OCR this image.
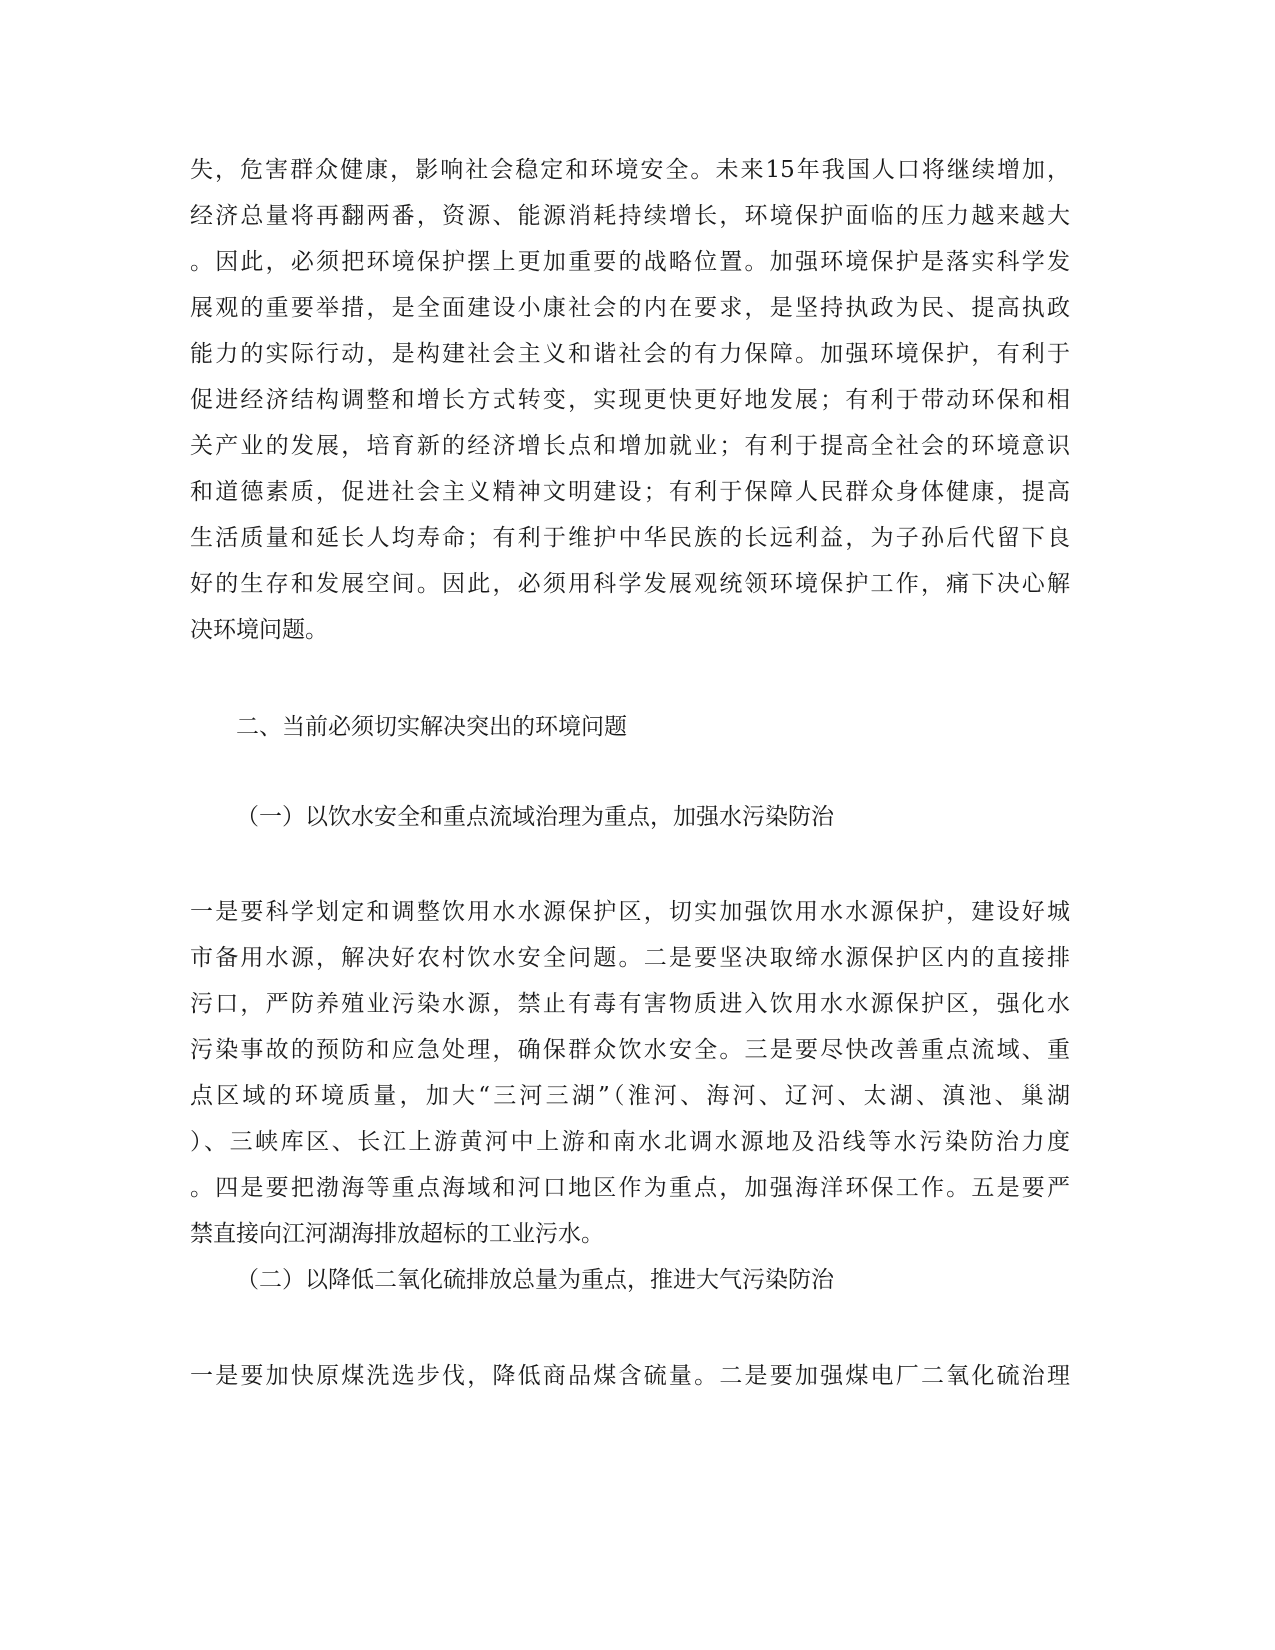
失，危害群众健康，影响社会稳定和环境安全。未来15年我国人口将继续增加，
经济总量将再翻两番，资源、能源消耗持续增长，环境保护面临的压力越来越大
。因此，必须把环境保护摆上更加重要的战略位置。加强环境保护是落实科学发
展观的重要举措，是全面建设小康社会的内在要求，是坚持执政为民、提高执政
能力的实际行动，是构建社会主义和谐社会的有力保障。加强环境保护，有利于
促进经济结构调整和增长方式转变，实现更快更好地发展；有利于带动环保和相
关产业的发展，培育新的经济增长点和增加就业；有利于提高全社会的环境意识
和道德素质，促进社会主义精神文明建设；有利于保障人民群众身体健康，提高
生活质量和延长人均寿命；有利于维护中华民族的长远利益，为子孙后代留下良
好的生存和发展空间。因此，必须用科学发展观统领环境保护工作，痛下决心解
决环境问题。
二、当前必须切实解决突出的环境问题
（一）以饮水安全和重点流域治理为重点，加强水污染防治
一是要科学划定和调整饮用水水源保护区，切实加强饮用水水源保护，建设好城
市备用水源，解决好农村饮水安全问题。二是要坚决取缔水源保护区内的直接排
污口，严防养殖业污染水源，禁止有毒有害物质进入饮用水水源保护区，强化水
污染事故的预防和应急处理，确保群众饮水安全。三是要尽快改善重点流域、重
点区域的环境质量，加大“三河三湖”（淮河、海河、辽河、太湖、滇池、巢湖
）、三峡库区、长江上游黄河中上游和南水北调水源地及沿线等水污染防治力度
。四是要把渤海等重点海域和河口地区作为重点，加强海洋环保工作。五是要严
禁直接向江河湖海排放超标的工业污水。
（二）以降低二氧化硫排放总量为重点，推进大气污染防治
一是要加快原煤洗选步伐，降低商品煤含硫量。二是要加强煤电厂二氧化硫治理
